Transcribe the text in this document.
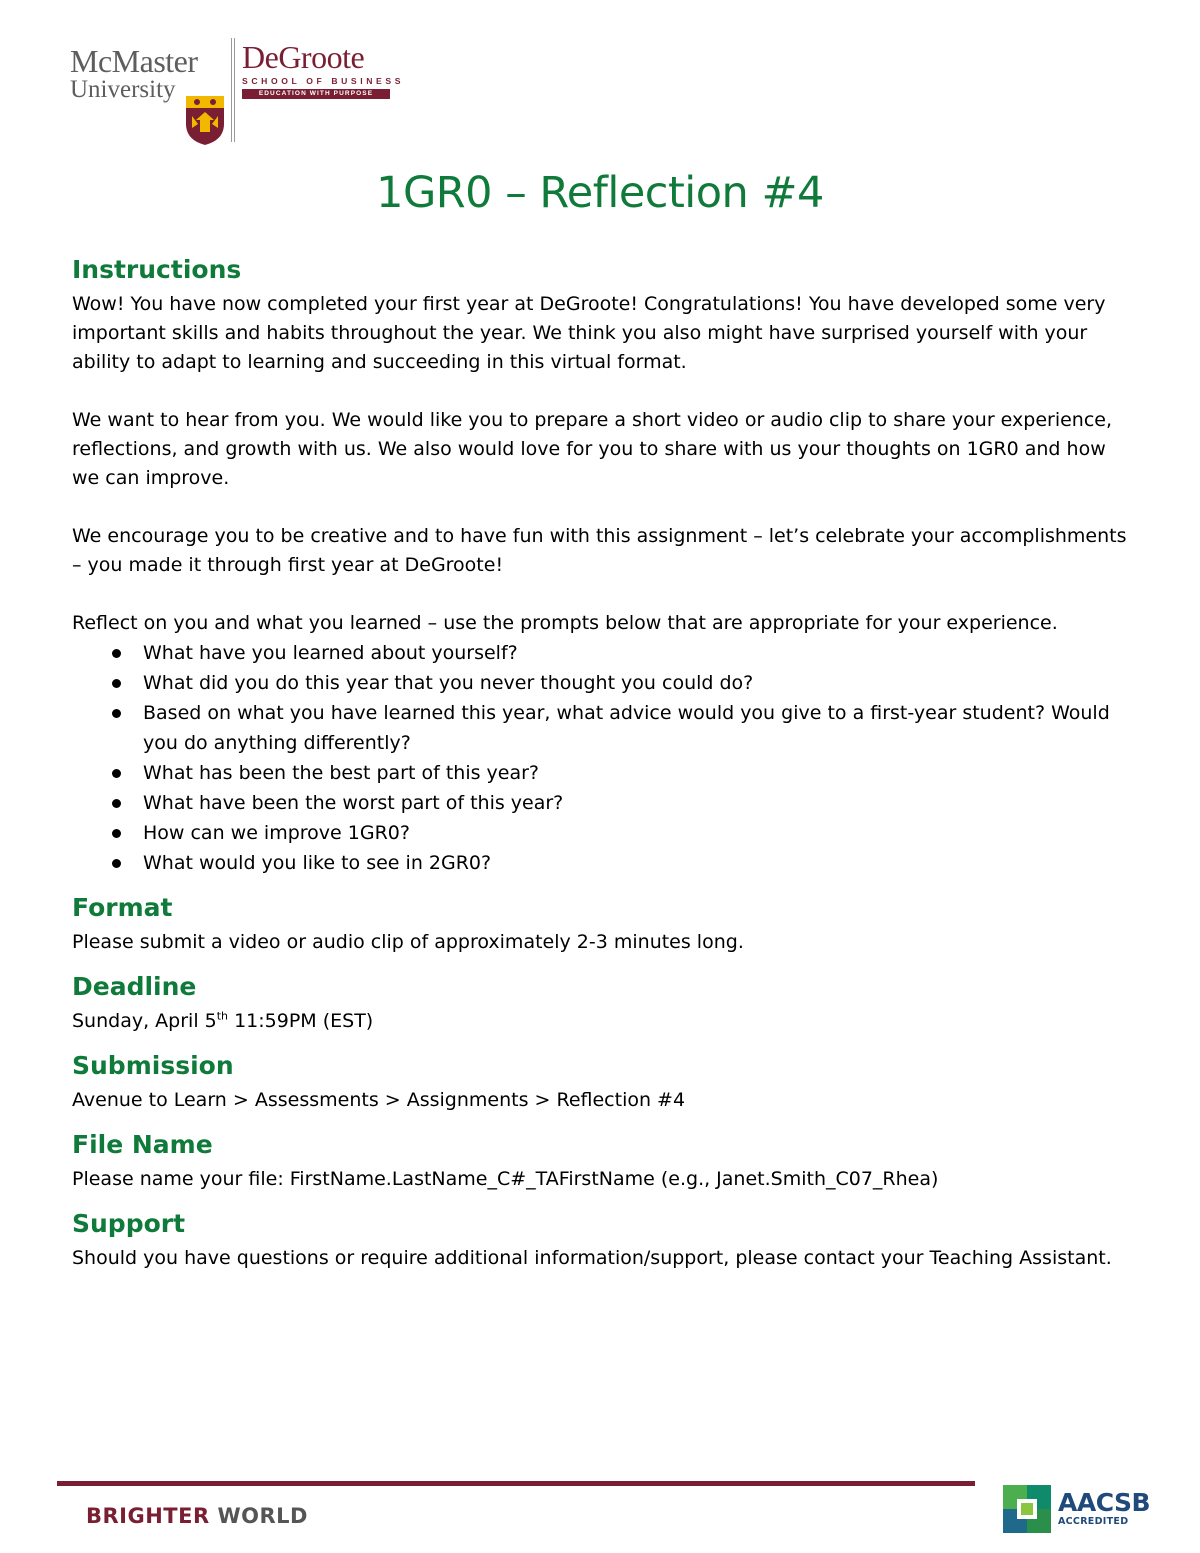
McMaster
University
DeGroote
SCHOOL OF BUSINESS
EDUCATION WITH PURPOSE
1GR0 – Reflection #4
Instructions

Wow! You have now completed your first year at DeGroote! Congratulations! You have developed some very important skills and habits throughout the year. We think you also might have surprised yourself with your ability to adapt to learning and succeeding in this virtual format.

We want to hear from you. We would like you to prepare a short video or audio clip to share your experience, reflections, and growth with us. We also would love for you to share with us your thoughts on 1GR0 and how we can improve.

We encourage you to be creative and to have fun with this assignment – let’s celebrate your accomplishments – you made it through first year at DeGroote!

Reflect on you and what you learned – use the prompts below that are appropriate for your experience.

What have you learned about yourself?
What did you do this year that you never thought you could do?
Based on what you have learned this year, what advice would you give to a first-year student? Would you do anything differently?
What has been the best part of this year?
What have been the worst part of this year?
How can we improve 1GR0?
What would you like to see in 2GR0?
Format

Please submit a video or audio clip of approximately 2-3 minutes long.

Deadline

Sunday, April 5th 11:59PM (EST)

Submission

Avenue to Learn > Assessments > Assignments > Reflection #4

File Name

Please name your file: FirstName.LastName_C#_TAFirstName (e.g., Janet.Smith_C07_Rhea)

Support

Should you have questions or require additional information/support, please contact your Teaching Assistant.

BRIGHTER WORLD	AACSB
ACCREDITED
